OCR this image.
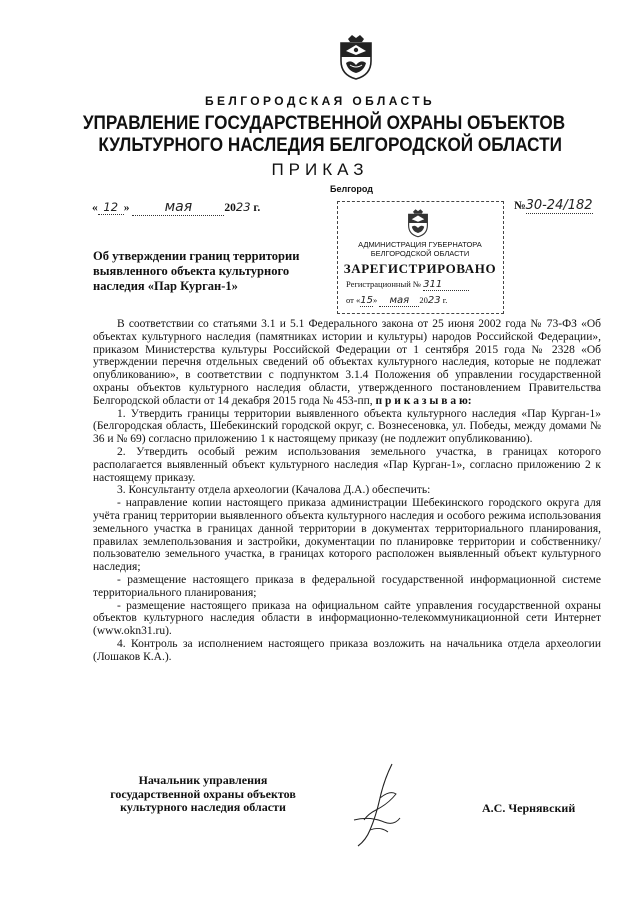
БЕЛГОРОДСКАЯ ОБЛАСТЬ
УПРАВЛЕНИЕ ГОСУДАРСТВЕННОЙ ОХРАНЫ ОБЪЕКТОВ
КУЛЬТУРНОГО НАСЛЕДИЯ БЕЛГОРОДСКОЙ ОБЛАСТИ
ПРИКАЗ
Белгород
« 12 »	мая	2023 г.	№30-24/182
АДМИНИСТРАЦИЯ ГУБЕРНАТОРА
БЕЛГОРОДСКОЙ ОБЛАСТИ
ЗАРЕГИСТРИРОВАНО
Регистрационный № 311
от «15» мая 2023 г.
Об утверждении границ территории
выявленного объекта культурного
наследия «Пар Курган-1»

В соответствии со статьями 3.1 и 5.1 Федерального закона от 25 июня 2002 года № 73-ФЗ «Об объектах культурного наследия (памятниках истории и культуры) народов Российской Федерации», приказом Министерства культуры Российской Федерации от 1 сентября 2015 года № 2328 «Об утверждении перечня отдельных сведений об объектах культурного наследия, которые не подлежат опубликованию», в соответствии с подпунктом 3.1.4 Положения об управлении государственной охраны объектов культурного наследия области, утвержденного постановлением Правительства Белгородской области от 14 декабря 2015 года № 453-пп, п р и к а з ы в а ю:

1. Утвердить границы территории выявленного объекта культурного наследия «Пар Курган-1» (Белгородская область, Шебекинский городской округ, с. Вознесеновка, ул. Победы, между домами № 36 и № 69) согласно приложению 1 к настоящему приказу (не подлежит опубликованию).

2. Утвердить особый режим использования земельного участка, в границах которого располагается выявленный объект культурного наследия «Пар Курган-1», согласно приложению 2 к настоящему приказу.

3. Консультанту отдела археологии (Качалова Д.А.) обеспечить:

- направление копии настоящего приказа администрации Шебекинского городского округа для учёта границ территории выявленного объекта культурного наследия и особого режима использования земельного участка в границах данной территории в документах территориального планирования, правилах землепользования и застройки, документации по планировке территории и собственнику/пользователю земельного участка, в границах которого расположен выявленный объект культурного наследия;

- размещение настоящего приказа в федеральной государственной информационной системе территориального планирования;

- размещение настоящего приказа на официальном сайте управления государственной охраны объектов культурного наследия области в информационно-телекоммуникационной сети Интернет (www.okn31.ru).

4. Контроль за исполнением настоящего приказа возложить на начальника отдела археологии (Лошаков К.А.).

Начальник управления
государственной охраны объектов
культурного наследия области	А.С. Чернявский
